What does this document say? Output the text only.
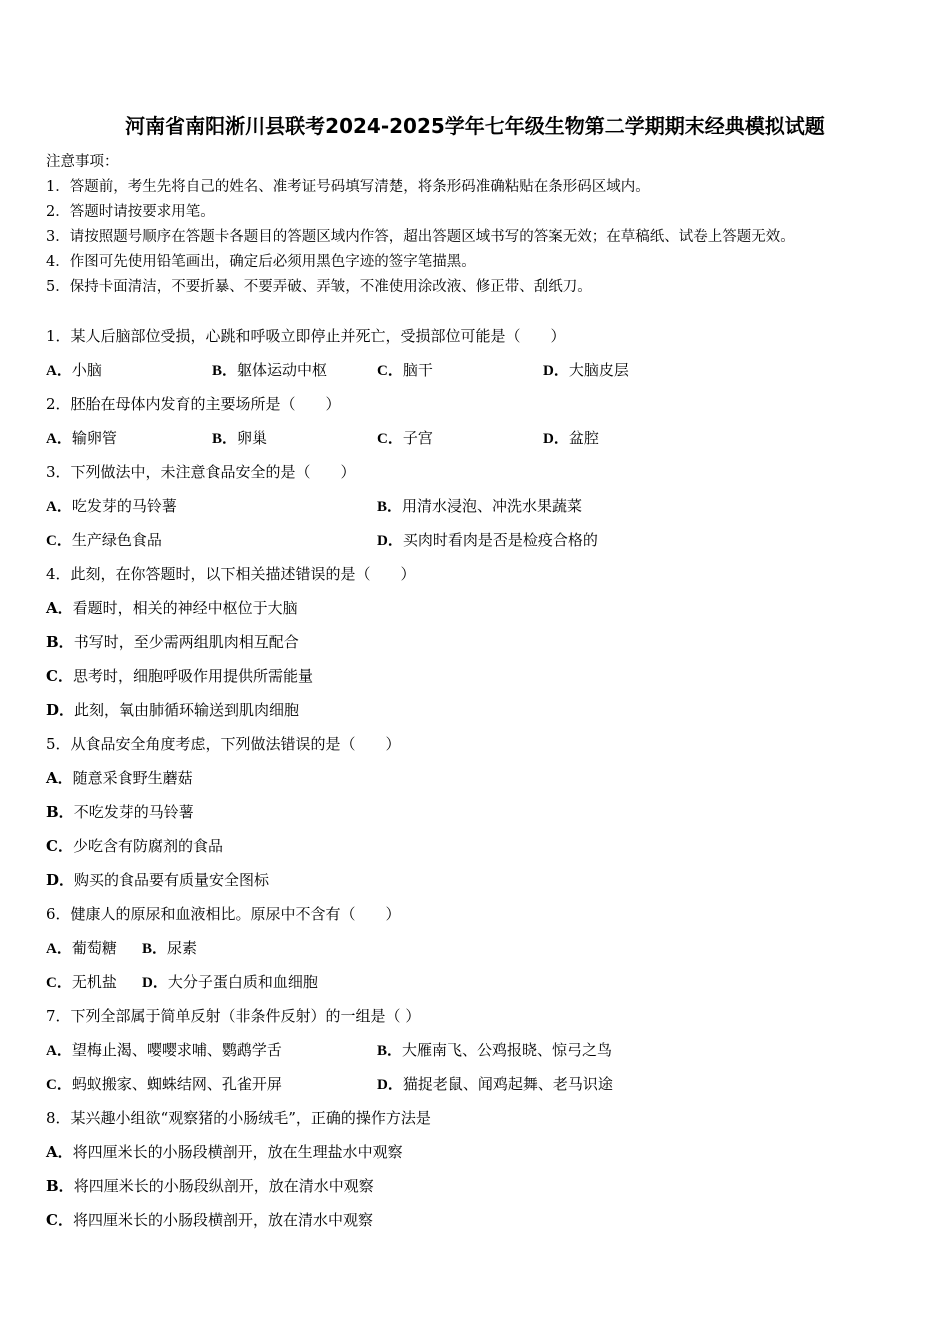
河南省南阳淅川县联考2024-2025学年七年级生物第二学期期末经典模拟试题
注意事项：
1．答题前，考生先将自己的姓名、准考证号码填写清楚，将条形码准确粘贴在条形码区域内。
2．答题时请按要求用笔。
3．请按照题号顺序在答题卡各题目的答题区域内作答，超出答题区域书写的答案无效；在草稿纸、试卷上答题无效。
4．作图可先使用铅笔画出，确定后必须用黑色字迹的签字笔描黑。
5．保持卡面清洁，不要折暴、不要弄破、弄皱，不准使用涂改液、修正带、刮纸刀。
1．某人后脑部位受损，心跳和呼吸立即停止并死亡，受损部位可能是（　　）
A．小脑	B．躯体运动中枢	C．脑干	D．大脑皮层
2．胚胎在母体内发育的主要场所是（　　）
A．输卵管	B．卵巢	C．子宫	D．盆腔
3．下列做法中，未注意食品安全的是（　　）
A．吃发芽的马铃薯	B．用清水浸泡、冲洗水果蔬菜
C．生产绿色食品	D．买肉时看肉是否是检疫合格的
4．此刻，在你答题时，以下相关描述错误的是（　　）
A．看题时，相关的神经中枢位于大脑
B．书写时，至少需两组肌肉相互配合
C．思考时，细胞呼吸作用提供所需能量
D．此刻，氧由肺循环输送到肌肉细胞
5．从食品安全角度考虑，下列做法错误的是（　　）
A．随意采食野生蘑菇
B．不吃发芽的马铃薯
C．少吃含有防腐剂的食品
D．购买的食品要有质量安全图标
6．健康人的原尿和血液相比。原尿中不含有（　　）
A．葡萄糖 B．尿素
C．无机盐 D．大分子蛋白质和血细胞
7．下列全部属于简单反射（非条件反射）的一组是（ ）
A．望梅止渴、嘤嘤求哺、鹦鹉学舌	B．大雁南飞、公鸡报晓、惊弓之鸟
C．蚂蚁搬家、蜘蛛结网、孔雀开屏	D．猫捉老鼠、闻鸡起舞、老马识途
8．某兴趣小组欲“观察猪的小肠绒毛”，正确的操作方法是
A．将四厘米长的小肠段横剖开，放在生理盐水中观察
B．将四厘米长的小肠段纵剖开，放在清水中观察
C．将四厘米长的小肠段横剖开，放在清水中观察
